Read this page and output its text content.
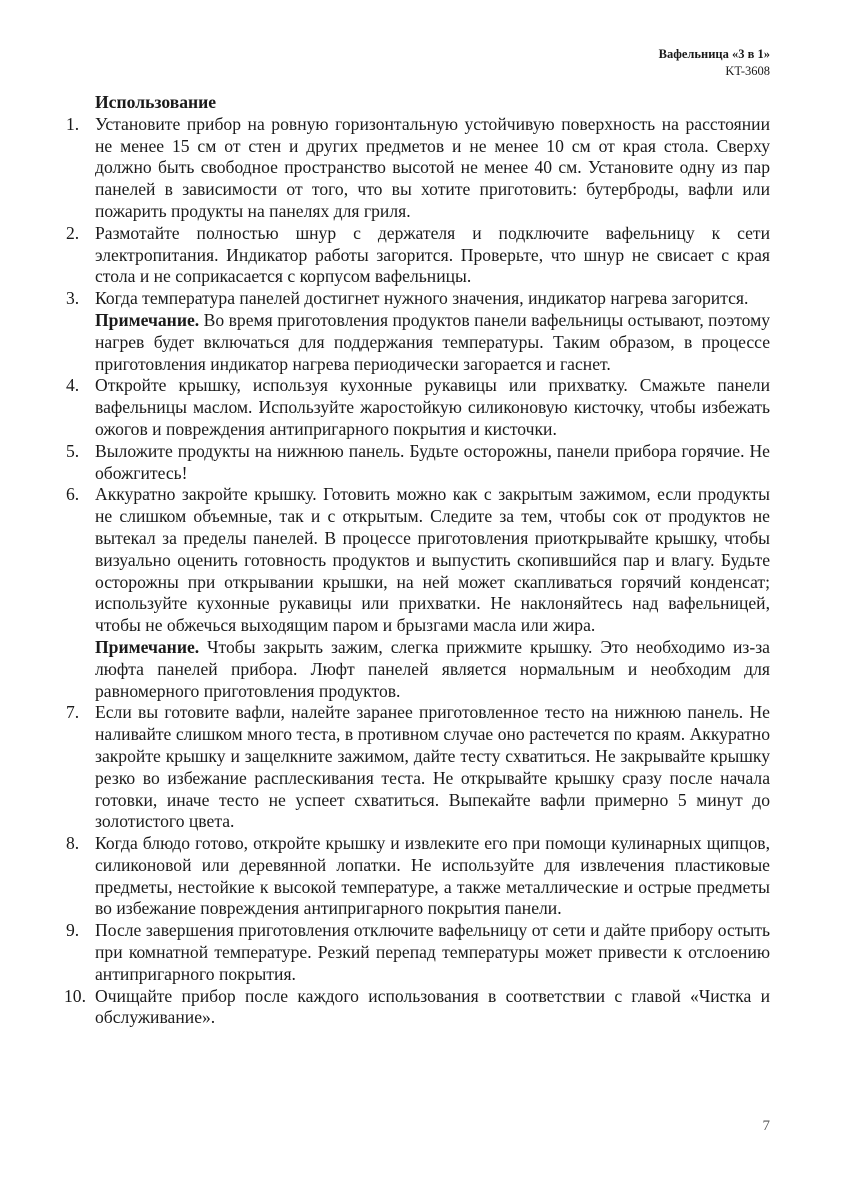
Вафельница «3 в 1»
KT-3608
Использование
1. Установите прибор на ровную горизонтальную устойчивую поверхность на расстоянии не менее 15 см от стен и других предметов и не менее 10 см от края стола. Сверху должно быть свободное пространство высотой не менее 40 см. Установите одну из пар панелей в зависимости от того, что вы хотите приготовить: бутерброды, вафли или пожарить продукты на панелях для гриля.
2. Размотайте полностью шнур с держателя и подключите вафельницу к сети электропитания. Индикатор работы загорится. Проверьте, что шнур не свисает с края стола и не соприкасается с корпусом вафельницы.
3. Когда температура панелей достигнет нужного значения, индикатор нагрева загорится.
Примечание. Во время приготовления продуктов панели вафельницы остывают, поэтому нагрев будет включаться для поддержания температуры. Таким образом, в процессе приготовления индикатор нагрева периодически загорается и гаснет.
4. Откройте крышку, используя кухонные рукавицы или прихватку. Смажьте панели вафельницы маслом. Используйте жаростойкую силиконовую кисточку, чтобы избежать ожогов и повреждения антипригарного покрытия и кисточки.
5. Выложите продукты на нижнюю панель. Будьте осторожны, панели прибора горячие. Не обожгитесь!
6. Аккуратно закройте крышку. Готовить можно как с закрытым зажимом, если продукты не слишком объемные, так и с открытым. Следите за тем, чтобы сок от продуктов не вытекал за пределы панелей. В процессе приготовления приоткрывайте крышку, чтобы визуально оценить готовность продуктов и выпустить скопившийся пар и влагу. Будьте осторожны при открывании крышки, на ней может скапливаться горячий конденсат; используйте кухонные рукавицы или прихватки. Не наклоняйтесь над вафельницей, чтобы не обжечься выходящим паром и брызгами масла или жира.
Примечание. Чтобы закрыть зажим, слегка прижмите крышку. Это необходимо из-за люфта панелей прибора. Люфт панелей является нормальным и необходим для равномерного приготовления продуктов.
7. Если вы готовите вафли, налейте заранее приготовленное тесто на нижнюю панель. Не наливайте слишком много теста, в противном случае оно растечется по краям. Аккуратно закройте крышку и защелкните зажимом, дайте тесту схватиться. Не закрывайте крышку резко во избежание расплескивания теста. Не открывайте крышку сразу после начала готовки, иначе тесто не успеет схватиться. Выпекайте вафли примерно 5 минут до золотистого цвета.
8. Когда блюдо готово, откройте крышку и извлеките его при помощи кулинарных щипцов, силиконовой или деревянной лопатки. Не используйте для извлечения пластиковые предметы, нестойкие к высокой температуре, а также металлические и острые предметы во избежание повреждения антипригарного покрытия панели.
9. После завершения приготовления отключите вафельницу от сети и дайте прибору остыть при комнатной температуре. Резкий перепад температуры может привести к отслоению антипригарного покрытия.
10. Очищайте прибор после каждого использования в соответствии с главой «Чистка и обслуживание».
7
